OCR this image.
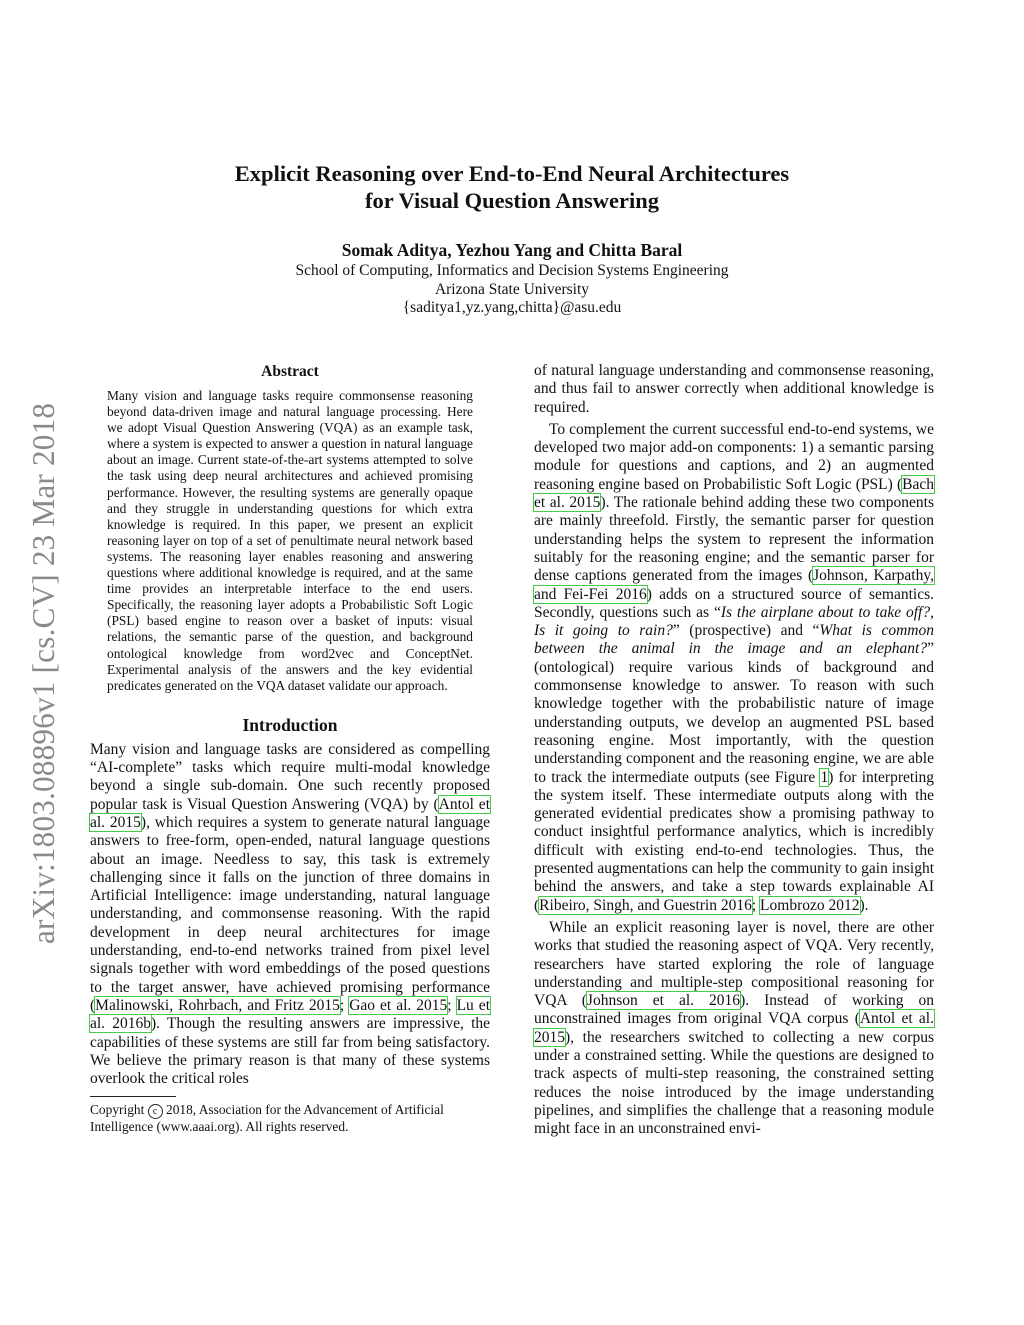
arXiv:1803.08896v1 [cs.CV] 23 Mar 2018
Explicit Reasoning over End-to-End Neural Architectures
for Visual Question Answering
Somak Aditya, Yezhou Yang and Chitta Baral
School of Computing, Informatics and Decision Systems Engineering
Arizona State University
{saditya1,yz.yang,chitta}@asu.edu
Abstract

Many vision and language tasks require commonsense reasoning beyond data-driven image and natural language processing. Here we adopt Visual Question Answering (VQA) as an example task, where a system is expected to answer a question in natural language about an image. Current state-of-the-art systems attempted to solve the task using deep neural architectures and achieved promising performance. However, the resulting systems are generally opaque and they struggle in understanding questions for which extra knowledge is required. In this paper, we present an explicit reasoning layer on top of a set of penultimate neural network based systems. The reasoning layer enables reasoning and answering questions where additional knowledge is required, and at the same time provides an interpretable interface to the end users. Specifically, the reasoning layer adopts a Probabilistic Soft Logic (PSL) based engine to reason over a basket of inputs: visual relations, the semantic parse of the question, and background ontological knowledge from word2vec and ConceptNet. Experimental analysis of the answers and the key evidential predicates generated on the VQA dataset validate our approach.

Introduction

Many vision and language tasks are considered as compelling “AI-complete” tasks which require multi-modal knowledge beyond a single sub-domain. One such recently proposed popular task is Visual Question Answering (VQA) by (Antol et al. 2015), which requires a system to generate natural language answers to free-form, open-ended, natural language questions about an image. Needless to say, this task is extremely challenging since it falls on the junction of three domains in Artificial Intelligence: image understanding, natural language understanding, and commonsense reasoning. With the rapid development in deep neural architectures for image understanding, end-to-end networks trained from pixel level signals together with word embeddings of the posed questions to the target answer, have achieved promising performance (Malinowski, Rohrbach, and Fritz 2015; Gao et al. 2015; Lu et al. 2016b). Though the resulting answers are impressive, the capabilities of these systems are still far from being satisfactory. We believe the primary reason is that many of these systems overlook the critical roles

Copyright c 2018, Association for the Advancement of Artificial Intelligence (www.aaai.org). All rights reserved.

of natural language understanding and commonsense reasoning, and thus fail to answer correctly when additional knowledge is required.

To complement the current successful end-to-end systems, we developed two major add-on components: 1) a semantic parsing module for questions and captions, and 2) an augmented reasoning engine based on Probabilistic Soft Logic (PSL) (Bach et al. 2015). The rationale behind adding these two components are mainly threefold. Firstly, the semantic parser for question understanding helps the system to represent the information suitably for the reasoning engine; and the semantic parser for dense captions generated from the images (Johnson, Karpathy, and Fei-Fei 2016) adds on a structured source of semantics. Secondly, questions such as “Is the airplane about to take off?, Is it going to rain?” (prospective) and “What is common between the animal in the image and an elephant?” (ontological) require various kinds of background and commonsense knowledge to answer. To reason with such knowledge together with the probabilistic nature of image understanding outputs, we develop an augmented PSL based reasoning engine. Most importantly, with the question understanding component and the reasoning engine, we are able to track the intermediate outputs (see Figure 1) for interpreting the system itself. These intermediate outputs along with the generated evidential predicates show a promising pathway to conduct insightful performance analytics, which is incredibly difficult with existing end-to-end technologies. Thus, the presented augmentations can help the community to gain insight behind the answers, and take a step towards explainable AI (Ribeiro, Singh, and Guestrin 2016; Lombrozo 2012).

While an explicit reasoning layer is novel, there are other works that studied the reasoning aspect of VQA. Very recently, researchers have started exploring the role of language understanding and multiple-step compositional reasoning for VQA (Johnson et al. 2016). Instead of working on unconstrained images from original VQA corpus (Antol et al. 2015), the researchers switched to collecting a new corpus under a constrained setting. While the questions are designed to track aspects of multi-step reasoning, the constrained setting reduces the noise introduced by the image understanding pipelines, and simplifies the challenge that a reasoning module might face in an unconstrained envi-
